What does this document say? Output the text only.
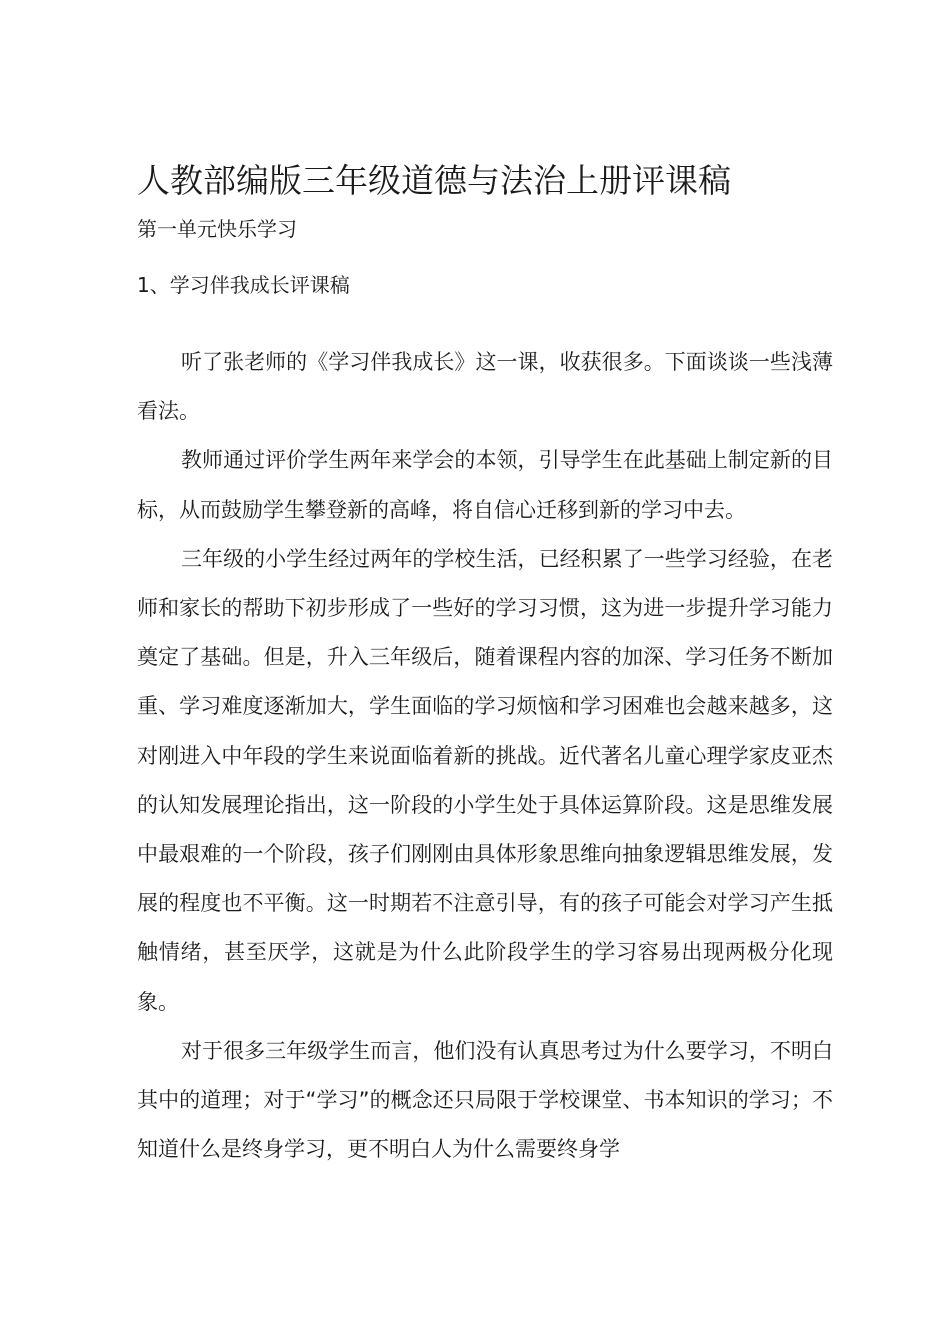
人教部编版三年级道德与法治上册评课稿
第一单元快乐学习
1、学习伴我成长评课稿

听了张老师的《学习伴我成长》这一课，收获很多。下面谈谈一些浅薄看法。

教师通过评价学生两年来学会的本领，引导学生在此基础上制定新的目标，从而鼓励学生攀登新的高峰，将自信心迁移到新的学习中去。

三年级的小学生经过两年的学校生活，已经积累了一些学习经验，在老师和家长的帮助下初步形成了一些好的学习习惯，这为进一步提升学习能力奠定了基础。但是，升入三年级后，随着课程内容的加深、学习任务不断加重、学习难度逐渐加大，学生面临的学习烦恼和学习困难也会越来越多，这对刚进入中年段的学生来说面临着新的挑战。近代著名儿童心理学家皮亚杰的认知发展理论指出，这一阶段的小学生处于具体运算阶段。这是思维发展中最艰难的一个阶段，孩子们刚刚由具体形象思维向抽象逻辑思维发展，发展的程度也不平衡。这一时期若不注意引导，有的孩子可能会对学习产生抵触情绪，甚至厌学，这就是为什么此阶段学生的学习容易出现两极分化现象。

对于很多三年级学生而言，他们没有认真思考过为什么要学习，不明白其中的道理；对于“学习”的概念还只局限于学校课堂、书本知识的学习；不知道什么是终身学习，更不明白人为什么需要终身学
